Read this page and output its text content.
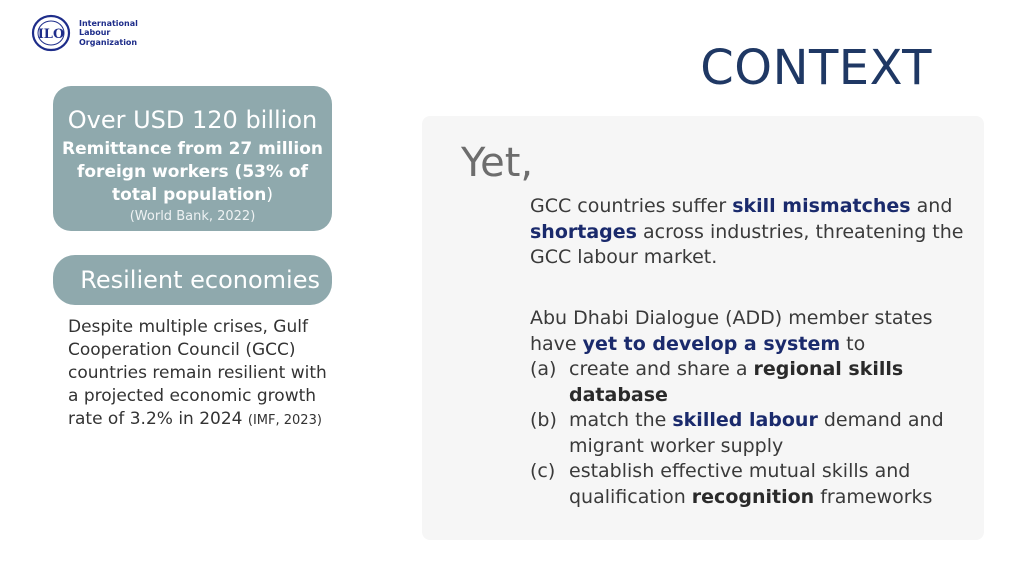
ILO
International
Labour
Organization	CONTEXT
Over USD 120 billion
Remittance from 27 million foreign workers (53% of total population)
(World Bank, 2022)
Resilient economies
Despite multiple crises, Gulf Cooperation Council (GCC) countries remain resilient with a projected economic growth rate of 3.2% in 2024 (IMF, 2023)
Yet,
GCC countries suffer skill mismatches and shortages across industries, threatening the GCC labour market.
Abu Dhabi Dialogue (ADD) member states have yet to develop a system to
(a) create and share a regional skills database
(b) match the skilled labour demand and migrant worker supply
(c) establish effective mutual skills and qualification recognition frameworks
